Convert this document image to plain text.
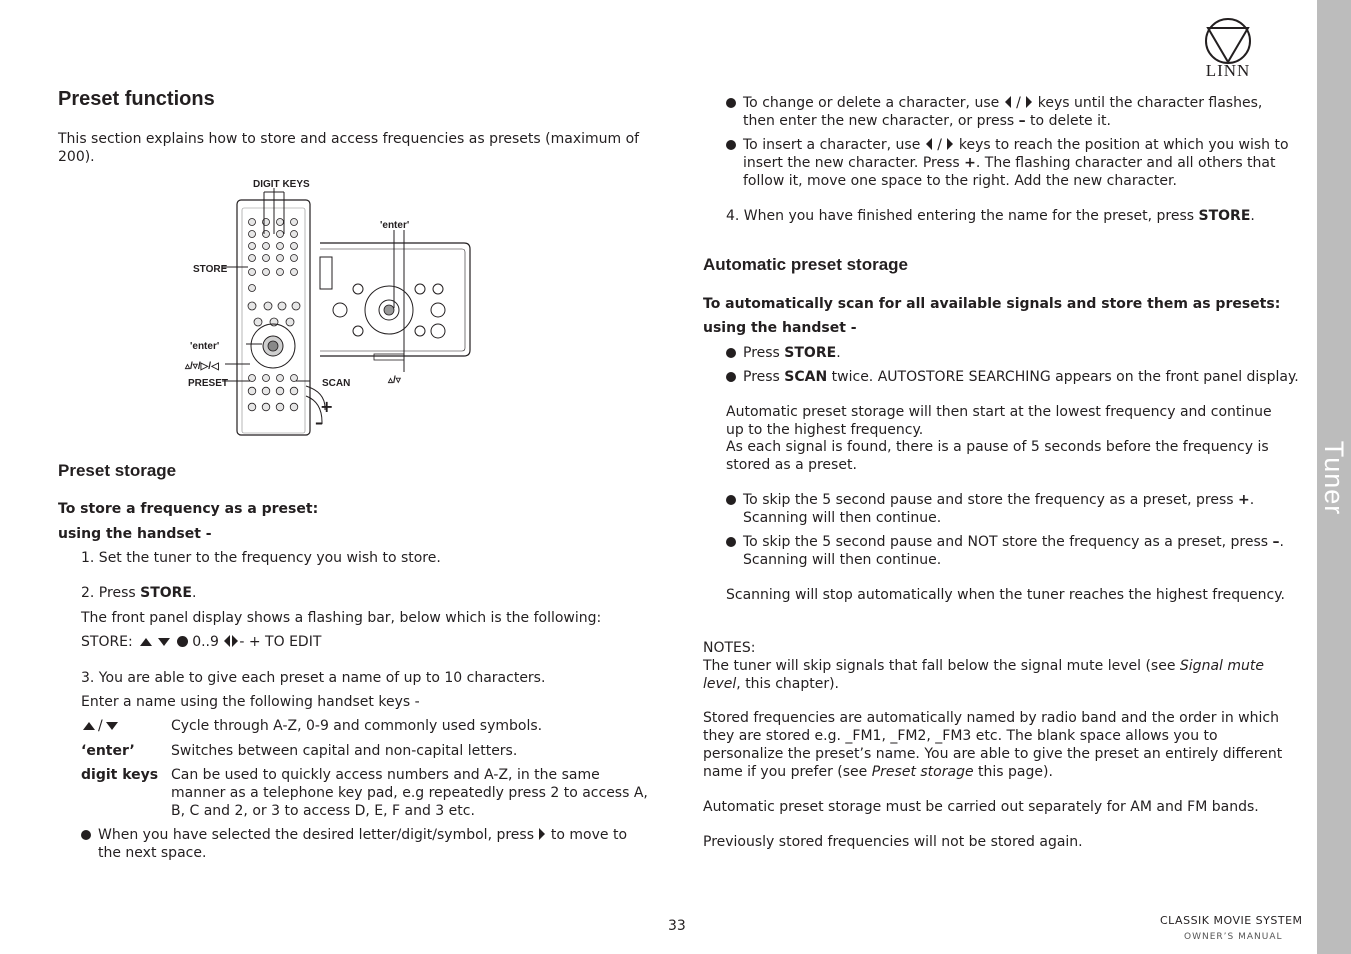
Tuner
LINN
Preset functions
This section explains how to store and access frequencies as presets (maximum of 200).
DIGIT KEYS
'enter'
STORE
'enter'
▵/▿/▷/◁
PRESET	SCAN	▵/▿
+
–
Preset storage
To store a frequency as a preset:
using the handset -
1. Set the tuner to the frequency you wish to store.
2. Press STORE.
The front panel display shows a flashing bar, below which is the following:
STORE:	0..9 - + TO EDIT
3. You are able to give each preset a name of up to 10 characters.
Enter a name using the following handset keys -
/	Cycle through A-Z, 0-9 and commonly used symbols.
‘enter’	Switches between capital and non-capital letters.
digit keys Can be used to quickly access numbers and A-Z, in the same manner as a telephone key pad, e.g repeatedly press 2 to access A, B, C and 2, or 3 to access D, E, F and 3 etc.
When you have selected the desired letter/digit/symbol, press  to move to the next space.
To change or delete a character, use  /  keys until the character flashes, then enter the new character, or press – to delete it.
To insert a character, use  /  keys to reach the position at which you wish to insert the new character. Press +. The flashing character and all others that follow it, move one space to the right. Add the new character.
4. When you have finished entering the name for the preset, press STORE.
Automatic preset storage
To automatically scan for all available signals and store them as presets:
using the handset -
Press STORE.
Press SCAN twice. AUTOSTORE SEARCHING appears on the front panel display.
Automatic preset storage will then start at the lowest frequency and continue up to the highest frequency.
As each signal is found, there is a pause of 5 seconds before the frequency is stored as a preset.
To skip the 5 second pause and store the frequency as a preset, press +. Scanning will then continue.
To skip the 5 second pause and NOT store the frequency as a preset, press –. Scanning will then continue.
Scanning will stop automatically when the tuner reaches the highest frequency.
NOTES:
The tuner will skip signals that fall below the signal mute level (see Signal mute level, this chapter).
Stored frequencies are automatically named by radio band and the order in which they are stored e.g. _FM1, _FM2, _FM3 etc. The blank space allows you to personalize the preset’s name. You are able to give the preset an entirely different name if you prefer (see Preset storage this page).
Automatic preset storage must be carried out separately for AM and FM bands.
Previously stored frequencies will not be stored again.
33	CLASSIK MOVIE SYSTEM
OWNER’S MANUAL
